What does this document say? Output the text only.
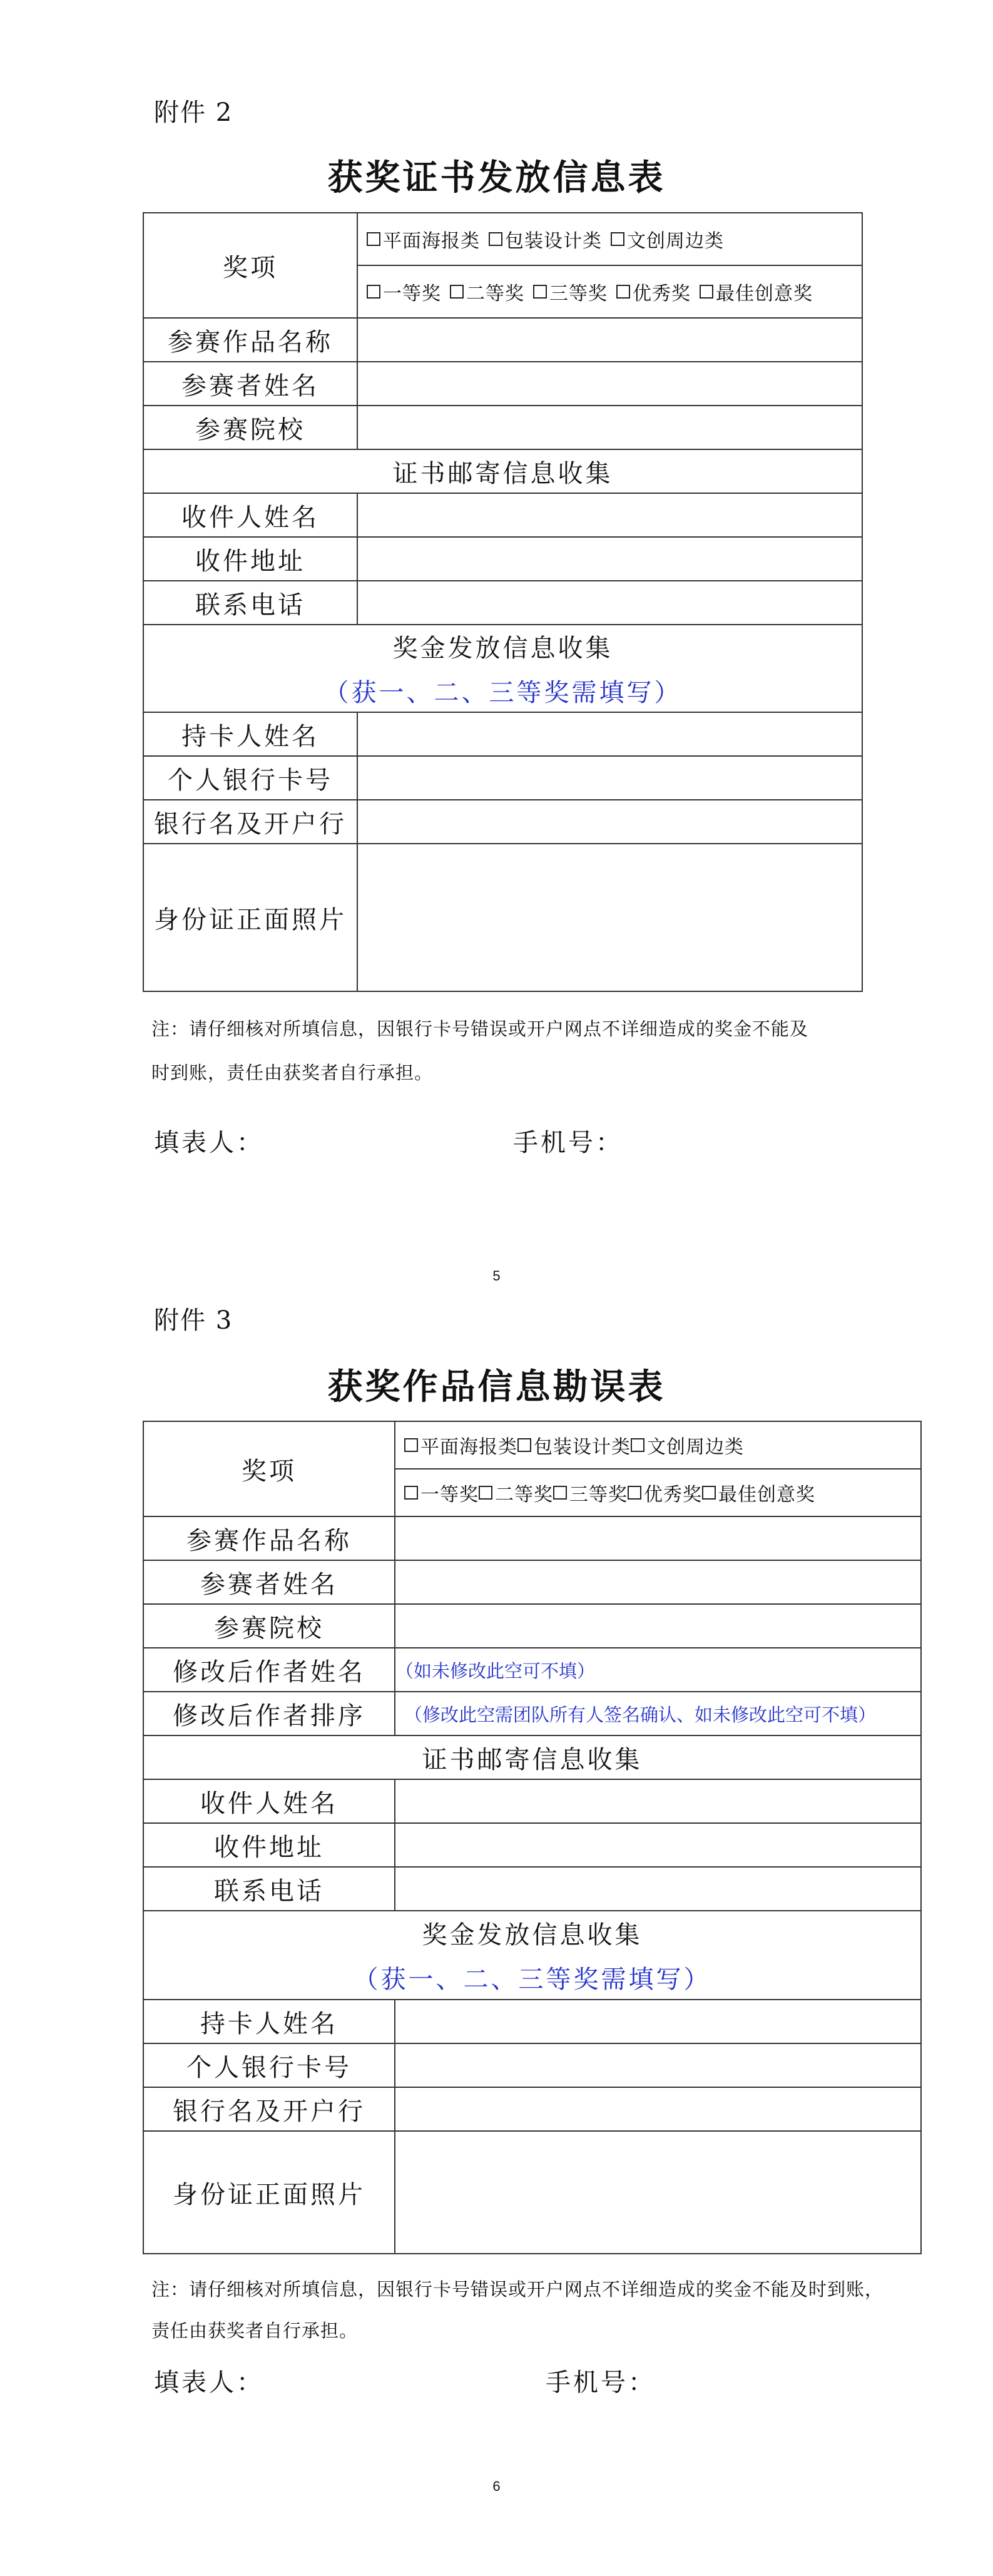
附件 2
获奖证书发放信息表
奖项	平面海报类 包装设计类 文创周边类

	一等奖 二等奖 三等奖 优秀奖 最佳创意奖

参赛作品名称	
参赛者姓名	
参赛院校	
证书邮寄信息收集	
收件人姓名	
收件地址	
联系电话	

奖金发放信息收集
（获一、二、三等奖需填写）	

持卡人姓名	
个人银行卡号	
银行名及开户行	
身份证正面照片	
注：请仔细核对所填信息，因银行卡号错误或开户网点不详细造成的奖金不能及
时到账，责任由获奖者自行承担。
填表人：	手机号：
5
附件 3
获奖作品信息勘误表
奖项	平面海报类 包装设计类 文创周边类

	一等奖 二等奖 三等奖 优秀奖 最佳创意奖

参赛作品名称	
参赛者姓名	
参赛院校	
修改后作者姓名	（如未修改此空可不填）
修改后作者排序	（修改此空需团队所有人签名确认、如未修改此空可不填）
证书邮寄信息收集	
收件人姓名	
收件地址	
联系电话	

奖金发放信息收集
（获一、二、三等奖需填写）	

持卡人姓名	
个人银行卡号	
银行名及开户行	
身份证正面照片	
注：请仔细核对所填信息，因银行卡号错误或开户网点不详细造成的奖金不能及时到账，
责任由获奖者自行承担。
填表人：	手机号：
6
